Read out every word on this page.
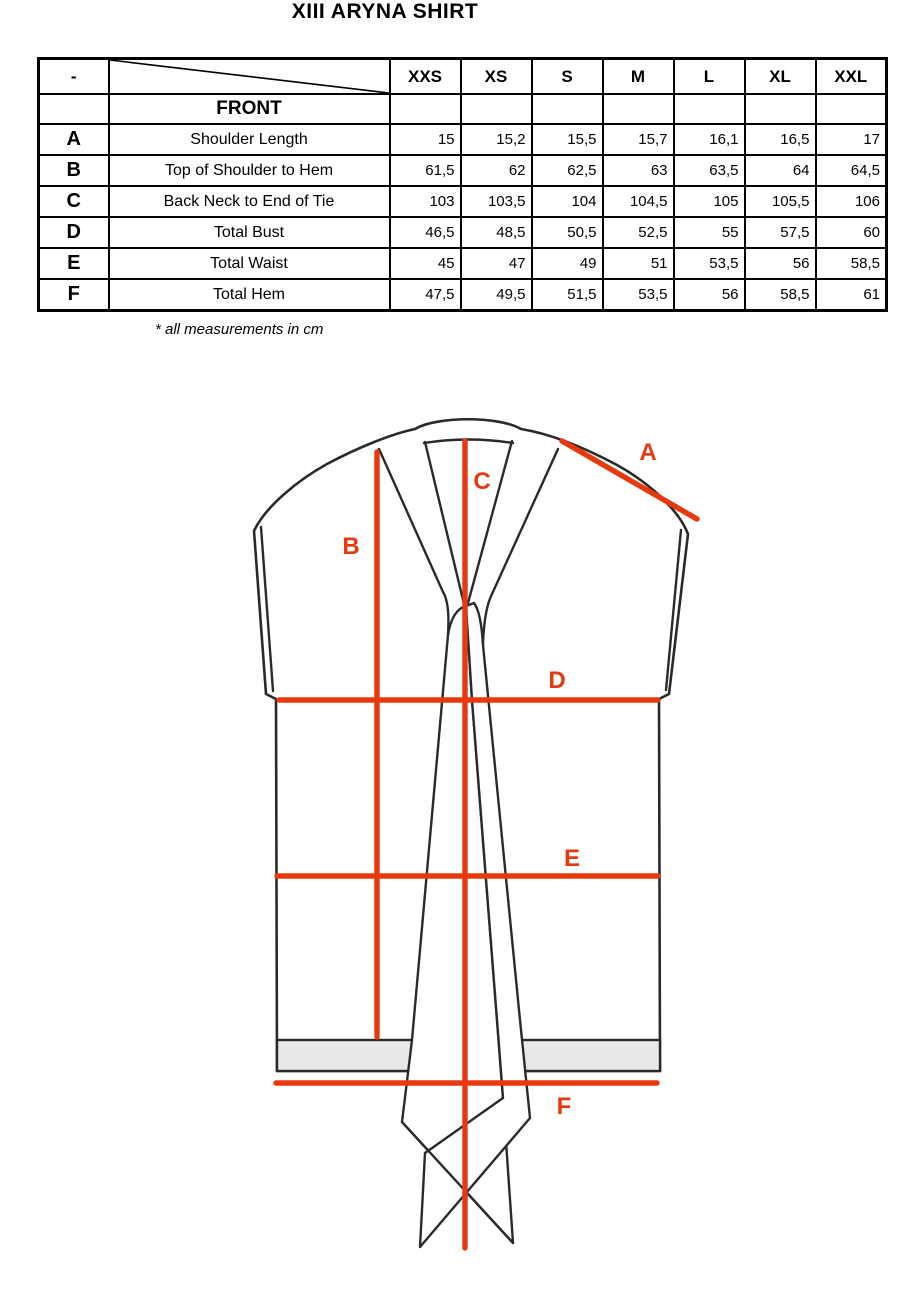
XIII ARYNA SHIRT
-		XXS	XS	S	M	L	XL	XXL
	FRONT							
A	Shoulder Length	15	15,2	15,5	15,7	16,1	16,5	17
B	Top of Shoulder to Hem	61,5	62	62,5	63	63,5	64	64,5
C	Back Neck to End of Tie	103	103,5	104	104,5	105	105,5	106
D	Total Bust	46,5	48,5	50,5	52,5	55	57,5	60
E	Total Waist	45	47	49	51	53,5	56	58,5
F	Total Hem	47,5	49,5	51,5	53,5	56	58,5	61
* all measurements in cm
A
B
C
D
E
F
